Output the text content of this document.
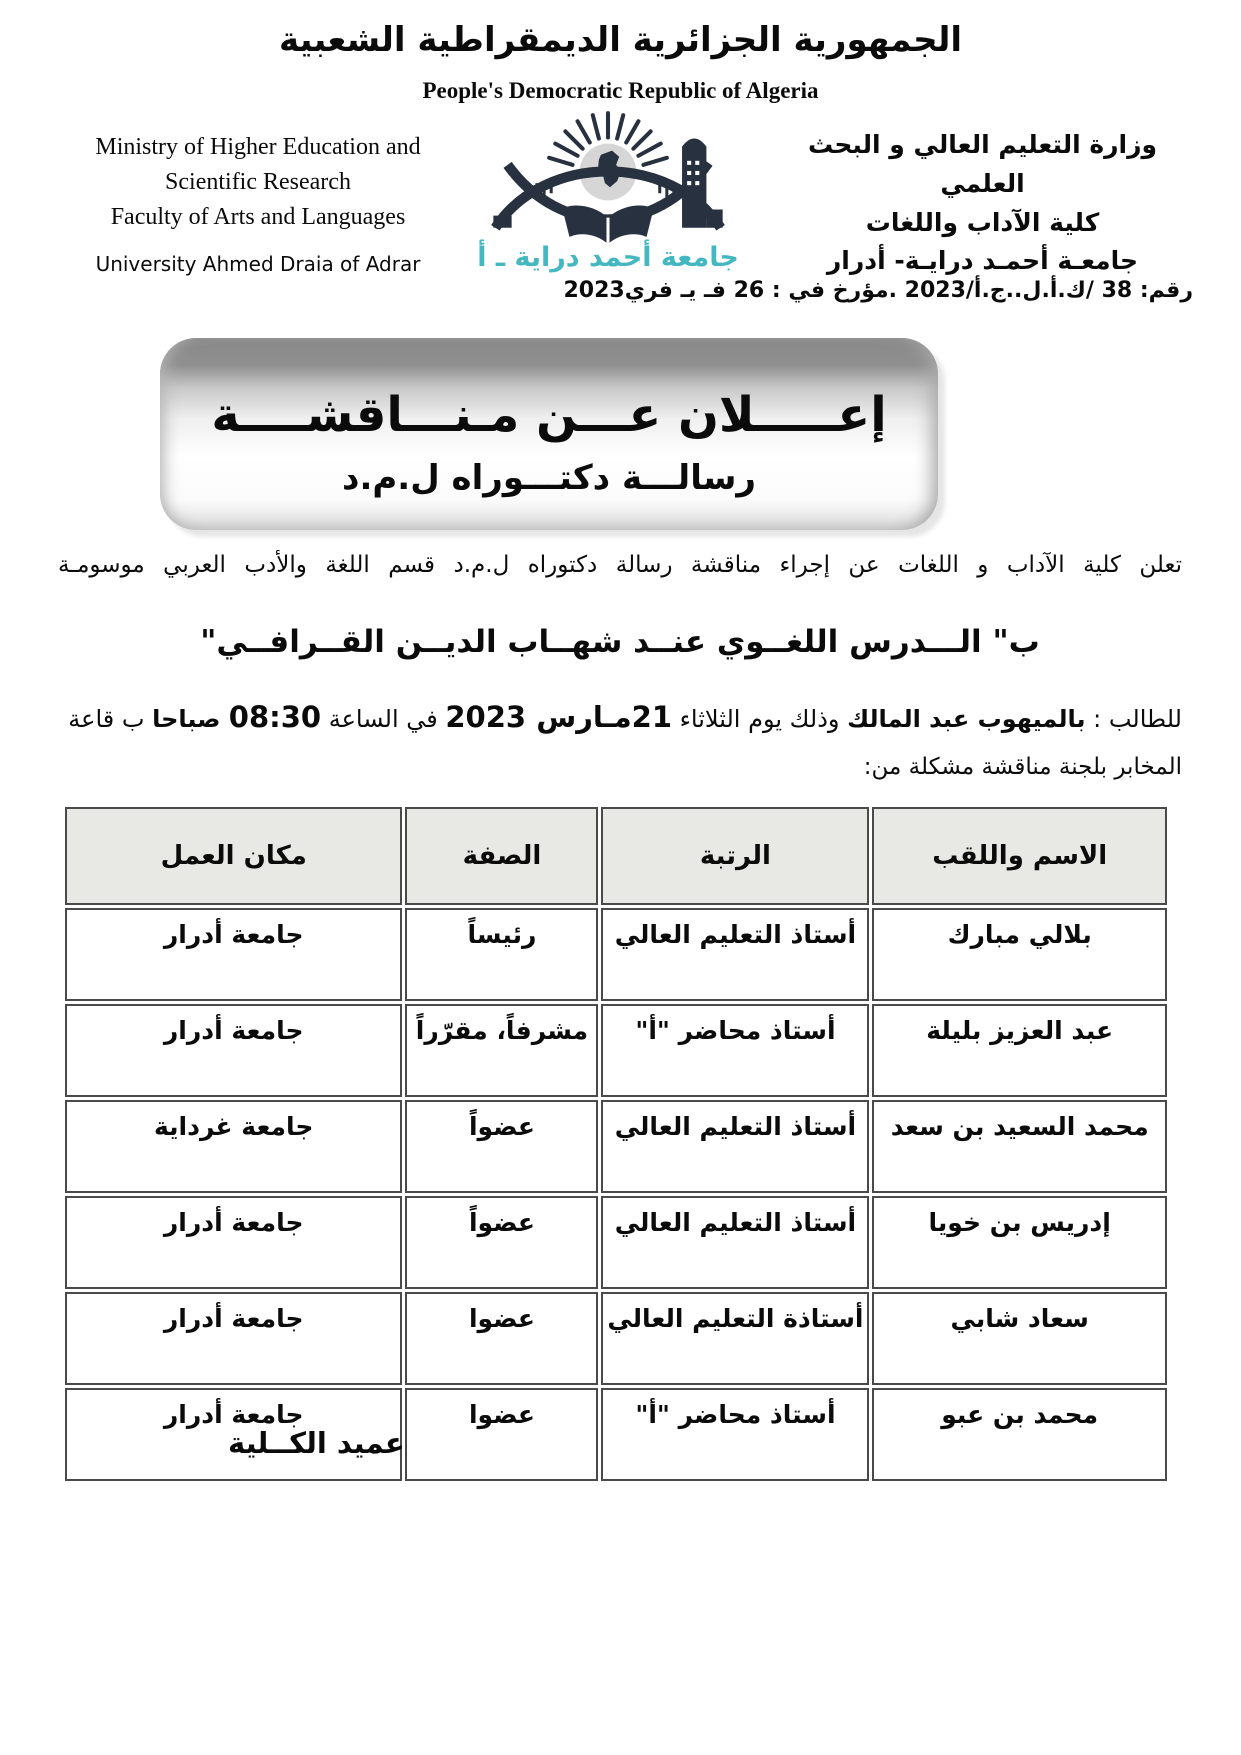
الجمهورية الجزائرية الديمقراطية الشعبية
People's Democratic Republic of Algeria
Ministry of Higher Education and
Scientific Research
Faculty of Arts and Languages
University Ahmed Draia of Adrar	جامعة أحمد دراية ـ أ
وزارة التعليم العالي و البحث العلمي
كلية الآداب واللغات
جامعـة أحمـد درايـة- أدرار
رقم: 38 /ك.أ.ل..ج.أ/2023 .مؤرخ في : 26 فـ يـ فري2023
إعـــــلان عـــن مـنـــاقشــــة
رسالـــة دكتـــوراه ل.م.د
تعلن كلية الآداب و اللغات عن إجراء مناقشة رسالة دكتوراه ل.م.د قسم اللغة والأدب العربي موسومـة
ب" الـــدرس اللغــوي عنــد شهــاب الديــن القــرافــي"
للطالب : بالميهوب عبد المالك وذلك يوم الثلاثاء 21مـارس 2023 في الساعة 08:30 صباحا ب قاعة
المخابر بلجنة مناقشة مشكلة من:
الاسم واللقب	الرتبة	الصفة	مكان العمل
بلالي مبارك	أستاذ التعليم العالي	رئيساً	جامعة أدرار
عبد العزيز بليلة	أستاذ محاضر "أ"	مشرفاً، مقرّراً	جامعة أدرار
محمد السعيد بن سعد	أستاذ التعليم العالي	عضواً	جامعة غرداية
إدريس بن خويا	أستاذ التعليم العالي	عضواً	جامعة أدرار
سعاد شابي	أستاذة التعليم العالي	عضوا	جامعة أدرار
محمد بن عبو	أستاذ محاضر "أ"	عضوا	جامعة أدرار
عميد الكــلية
